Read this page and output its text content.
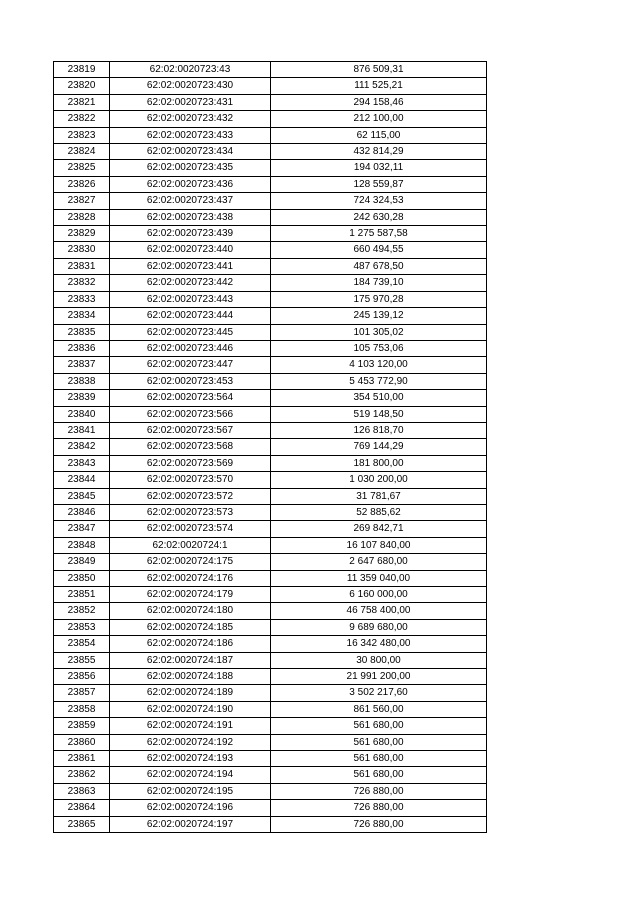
23819	62:02:0020723:43	876 509,31
23820	62:02:0020723:430	111 525,21
23821	62:02:0020723:431	294 158,46
23822	62:02:0020723:432	212 100,00
23823	62:02:0020723:433	62 115,00
23824	62:02:0020723:434	432 814,29
23825	62:02:0020723:435	194 032,11
23826	62:02:0020723:436	128 559,87
23827	62:02:0020723:437	724 324,53
23828	62:02:0020723:438	242 630,28
23829	62:02:0020723:439	1 275 587,58
23830	62:02:0020723:440	660 494,55
23831	62:02:0020723:441	487 678,50
23832	62:02:0020723:442	184 739,10
23833	62:02:0020723:443	175 970,28
23834	62:02:0020723:444	245 139,12
23835	62:02:0020723:445	101 305,02
23836	62:02:0020723:446	105 753,06
23837	62:02:0020723:447	4 103 120,00
23838	62:02:0020723:453	5 453 772,90
23839	62:02:0020723:564	354 510,00
23840	62:02:0020723:566	519 148,50
23841	62:02:0020723:567	126 818,70
23842	62:02:0020723:568	769 144,29
23843	62:02:0020723:569	181 800,00
23844	62:02:0020723:570	1 030 200,00
23845	62:02:0020723:572	31 781,67
23846	62:02:0020723:573	52 885,62
23847	62:02:0020723:574	269 842,71
23848	62:02:0020724:1	16 107 840,00
23849	62:02:0020724:175	2 647 680,00
23850	62:02:0020724:176	11 359 040,00
23851	62:02:0020724:179	6 160 000,00
23852	62:02:0020724:180	46 758 400,00
23853	62:02:0020724:185	9 689 680,00
23854	62:02:0020724:186	16 342 480,00
23855	62:02:0020724:187	30 800,00
23856	62:02:0020724:188	21 991 200,00
23857	62:02:0020724:189	3 502 217,60
23858	62:02:0020724:190	861 560,00
23859	62:02:0020724:191	561 680,00
23860	62:02:0020724:192	561 680,00
23861	62:02:0020724:193	561 680,00
23862	62:02:0020724:194	561 680,00
23863	62:02:0020724:195	726 880,00
23864	62:02:0020724:196	726 880,00
23865	62:02:0020724:197	726 880,00
